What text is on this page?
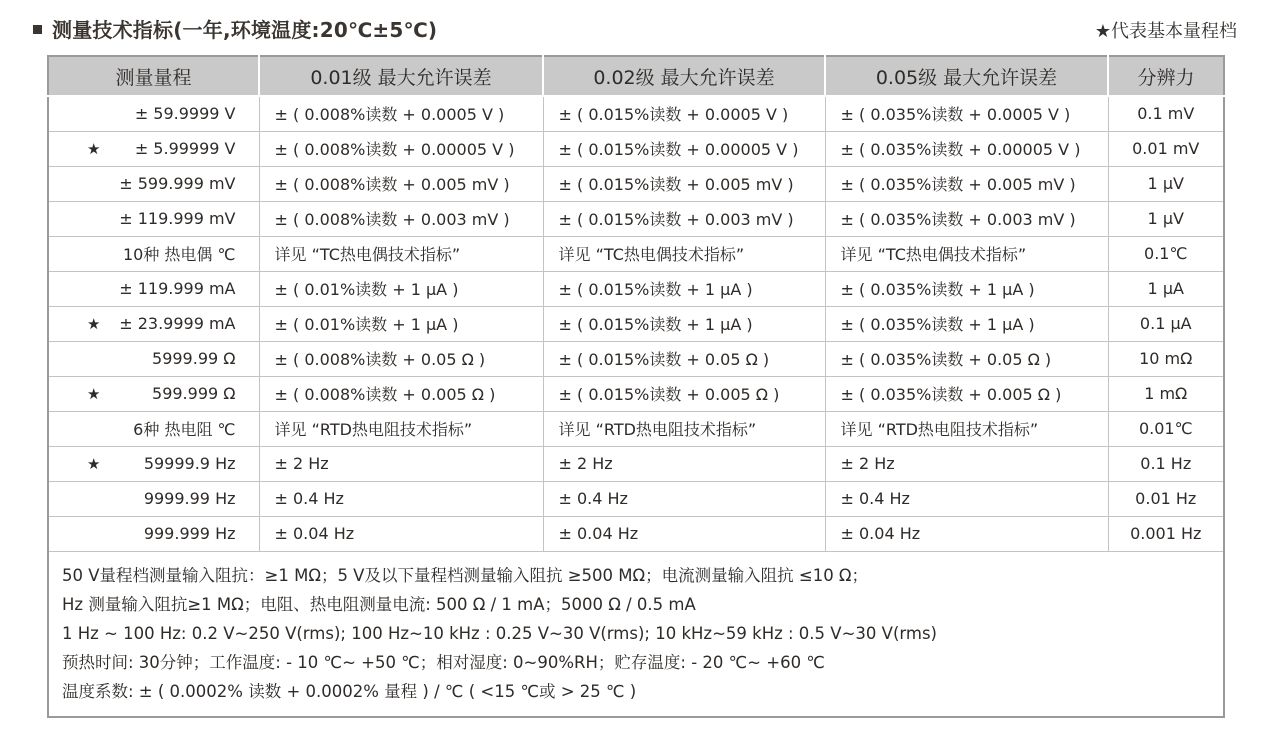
测量技术指标(一年,环境温度:20℃±5℃)	★代表基本量程档
测量量程	0.01级 最大允许误差	0.02级 最大允许误差	0.05级 最大允许误差	分辨力

± 59.9999 V	± ( 0.008%读数 + 0.0005 V )	± ( 0.015%读数 + 0.0005 V )	± ( 0.035%读数 + 0.0005 V )	0.1 mV

★ ± 5.99999 V	± ( 0.008%读数 + 0.00005 V )	± ( 0.015%读数 + 0.00005 V )	± ( 0.035%读数 + 0.00005 V )	0.01 mV

± 599.999 mV	± ( 0.008%读数 + 0.005 mV )	± ( 0.015%读数 + 0.005 mV )	± ( 0.035%读数 + 0.005 mV )	1 μV

± 119.999 mV	± ( 0.008%读数 + 0.003 mV )	± ( 0.015%读数 + 0.003 mV )	± ( 0.035%读数 + 0.003 mV )	1 μV

10种 热电偶 ℃	详见 “TC热电偶技术指标”	详见 “TC热电偶技术指标”	详见 “TC热电偶技术指标”	0.1℃

± 119.999 mA	± ( 0.01%读数 + 1 μA )	± ( 0.015%读数 + 1 μA )	± ( 0.035%读数 + 1 μA )	1 μA

★ ± 23.9999 mA	± ( 0.01%读数 + 1 μA )	± ( 0.015%读数 + 1 μA )	± ( 0.035%读数 + 1 μA )	0.1 μA

5999.99 Ω	± ( 0.008%读数 + 0.05 Ω )	± ( 0.015%读数 + 0.05 Ω )	± ( 0.035%读数 + 0.05 Ω )	10 mΩ

★ 599.999 Ω	± ( 0.008%读数 + 0.005 Ω )	± ( 0.015%读数 + 0.005 Ω )	± ( 0.035%读数 + 0.005 Ω )	1 mΩ

6种 热电阻 ℃	详见 “RTD热电阻技术指标”	详见 “RTD热电阻技术指标”	详见 “RTD热电阻技术指标”	0.01℃

★ 59999.9 Hz	± 2 Hz	± 2 Hz	± 2 Hz	0.1 Hz

9999.99 Hz	± 0.4 Hz	± 0.4 Hz	± 0.4 Hz	0.01 Hz

999.999 Hz	± 0.04 Hz	± 0.04 Hz	± 0.04 Hz	0.001 Hz

50 V量程档测量输入阻抗：≥1 MΩ；5 V及以下量程档测量输入阻抗 ≥500 MΩ；电流测量输入阻抗 ≤10 Ω；
Hz 测量输入阻抗≥1 MΩ；电阻、热电阻测量电流: 500 Ω / 1 mA；5000 Ω / 0.5 mA
1 Hz ~ 100 Hz: 0.2 V~250 V(rms); 100 Hz~10 kHz : 0.25 V~30 V(rms); 10 kHz~59 kHz : 0.5 V~30 V(rms)
预热时间: 30分钟；工作温度: - 10 ℃~ +50 ℃；相对湿度: 0~90%RH；贮存温度: - 20 ℃~ +60 ℃
温度系数: ± ( 0.0002% 读数 + 0.0002% 量程 ) / ℃ ( <15 ℃或 > 25 ℃ )				
